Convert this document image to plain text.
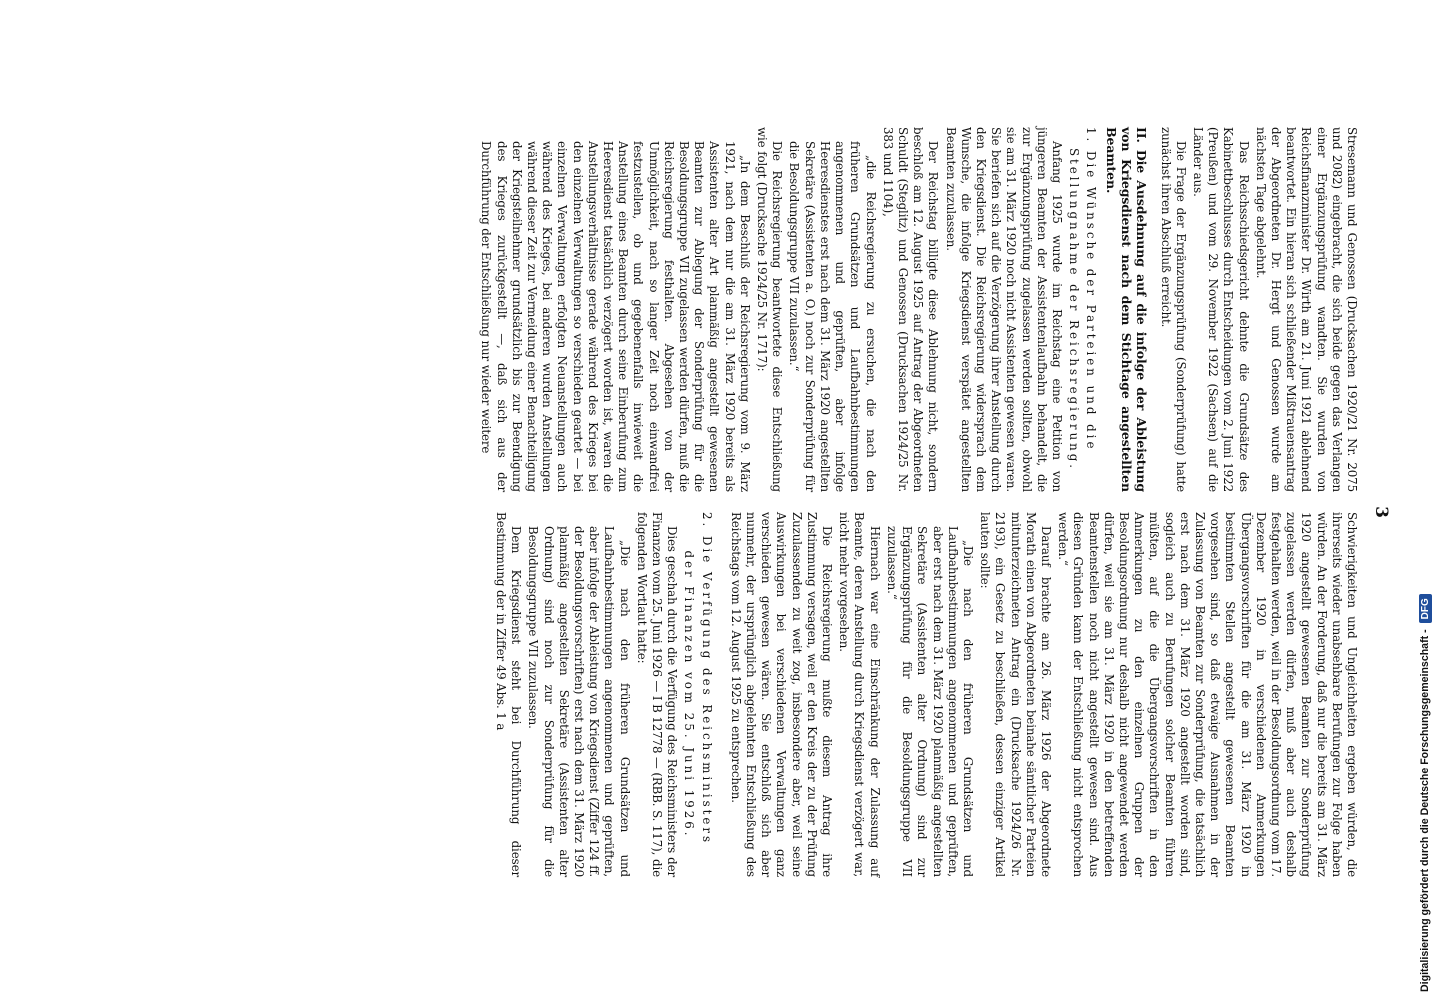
3

Stresemann und Genossen (Drucksachen 1920/21 Nr. 2075 und 2082) eingebracht, die sich beide gegen das Verlangen einer Ergänzungsprüfung wandten. Sie wurden von Reichsfinanzminister Dr. Wirth am 21. Juni 1921 ablehnend beantwortet. Ein hieran sich schließender Mißtrauensantrag der Abgeordneten Dr. Hergt und Genossen wurde am nächsten Tage abgelehnt.

Das Reichsschiedsgericht dehnte die Grundsätze des Kabinettbeschlusses durch Entscheidungen vom 2. Juni 1922 (Preußen) und vom 29. November 1922 (Sachsen) auf die Länder aus.

Die Frage der Ergänzungsprüfung (Sonderprüfung) hatte zunächst ihren Abschluß erreicht.

II. Die Ausdehnung auf die infolge der Ableistung von Kriegsdienst nach dem Stichtage angestellten Beamten.

1. Die Wünsche der Parteien und die

Stellungnahme der Reichsregierung.

Anfang 1925 wurde im Reichstag eine Petition von jüngeren Beamten der Assistentenlaufbahn behandelt, die zur Ergänzungsprüfung zugelassen werden sollten, obwohl sie am 31. März 1920 noch nicht Assistenten gewesen waren. Sie beriefen sich auf die Verzögerung ihrer Anstellung durch den Kriegsdienst. Die Reichsregierung widersprach dem Wunsche, die infolge Kriegsdienst verspätet angestellten Beamten zuzulassen.

Der Reichstag billigte diese Ablehnung nicht, sondern beschloß am 12. August 1925 auf Antrag der Abgeordneten Schuldt (Steglitz) und Genossen (Drucksachen 1924/25 Nr. 383 und 1104),

„die Reichsregierung zu ersuchen, die nach den früheren Grundsätzen und Laufbahnbestimmungen angenommenen und geprüften, aber infolge Heeresdienstes erst nach dem 31. März 1920 angestellten Sekretäre (Assistenten a. O.) noch zur Sonderprüfung für die Besoldungsgruppe VII zuzulassen.“

Die Reichsregierung beantwortete diese Entschließung wie folgt (Drucksache 1924/25 Nr. 1717):

„In dem Beschluß der Reichsregierung vom 9. März 1921, nach dem nur die am 31. März 1920 bereits als Assistenten alter Art planmäßig angestellt gewesenen Beamten zur Ablegung der Sonderprüfung für die Besoldungsgruppe VII zugelassen werden dürfen, muß die Reichsregierung festhalten. Abgesehen von der Unmöglichkeit, nach so langer Zeit noch einwandfrei festzustellen, ob und gegebenenfalls inwieweit die Anstellung eines Beamten durch seine Einberufung zum Heeresdienst tatsächlich verzögert worden ist, waren die Anstellungsverhältnisse gerade während des Krieges bei den einzelnen Verwaltungen so verschieden geartet — bei einzelnen Verwaltungen erfolgten Neuanstellungen auch während des Krieges, bei anderen wurden Anstellungen während dieser Zeit zur Vermeidung einer Benachteiligung der Kriegsteilnehmer grundsätzlich bis zur Beendigung des Krieges zurückgestellt —, daß sich aus der Durchführung der Entschließung nur wieder weitere

Schwierigkeiten und Ungleichheiten ergeben würden, die ihrerseits wieder unabsehbare Berufungen zur Folge haben würden. An der Forderung, daß nur die bereits am 31. März 1920 angestellt gewesenen Beamten zur Sonderprüfung zugelassen werden dürfen, muß aber auch deshalb festgehalten werden, weil in der Besoldungsordnung vom 17. Dezember 1920 in verschiedenen Anmerkungen Übergangsvorschriften für die am 31. März 1920 in bestimmten Stellen angestellt gewesenen Beamten vorgesehen sind, so daß etwaige Ausnahmen in der Zulassung von Beamten zur Sonderprüfung, die tatsächlich erst nach dem 31. März 1920 angestellt worden sind, sogleich auch zu Berufungen solcher Beamten führen müßten, auf die die Übergangsvorschriften in den Anmerkungen zu den einzelnen Gruppen der Besoldungsordnung nur deshalb nicht angewendet werden dürfen, weil sie am 31. März 1920 in den betreffenden Beamtenstellen noch nicht angestellt gewesen sind. Aus diesen Gründen kann der Entschließung nicht entsprochen werden.“

Darauf brachte am 26. März 1926 der Abgeordnete Morath einen von Abgeordneten beinahe sämtlicher Parteien mitunterzeichneten Antrag ein (Drucksache 1924/26 Nr. 2193), ein Gesetz zu beschließen, dessen einziger Artikel lauten sollte:

„Die nach den früheren Grundsätzen und Laufbahnbestimmungen angenommenen und geprüften, aber erst nach dem 31. März 1920 planmäßig angestellten Sekretäre (Assistenten alter Ordnung) sind zur Ergänzungsprüfung für die Besoldungsgruppe VII zuzulassen.“

Hiernach war eine Einschränkung der Zulassung auf Beamte, deren Anstellung durch Kriegsdienst verzögert war, nicht mehr vorgesehen.

Die Reichsregierung mußte diesem Antrag ihre Zustimmung versagen, weil er den Kreis der zu der Prüfung Zuzulassenden zu weit zog, insbesondere aber, weil seine Auswirkungen bei verschiedenen Verwaltungen ganz verschieden gewesen wären. Sie entschloß sich aber nunmehr, der ursprünglich abgelehnten Entschließung des Reichstags vom 12. August 1925 zu entsprechen.

2. Die Verfügung des Reichsministers

der Finanzen vom 25. Juni 1926.

Dies geschah durch die Verfügung des Reichsministers der Finanzen vom 25. Juni 1926 — I B 12778 — (RBB. S. 117), die folgenden Wortlaut hatte:

„Die nach den früheren Grundsätzen und Laufbahnbestimmungen angenommenen und geprüften, aber infolge der Ableistung von Kriegsdienst (Ziffer 124 ff. der Besoldungsvorschriften) erst nach dem 31. März 1920 planmäßig angestellten Sekretäre (Assistenten alter Ordnung) sind noch zur Sonderprüfung für die Besoldungsgruppe VII zuzulassen.

Dem Kriegsdienst steht bei Durchführung dieser Bestimmung der in Ziffer 49 Abs. 1 a

Digitalisierung gefördert durch die Deutsche Forschungsgemeinschaft -
DFG
